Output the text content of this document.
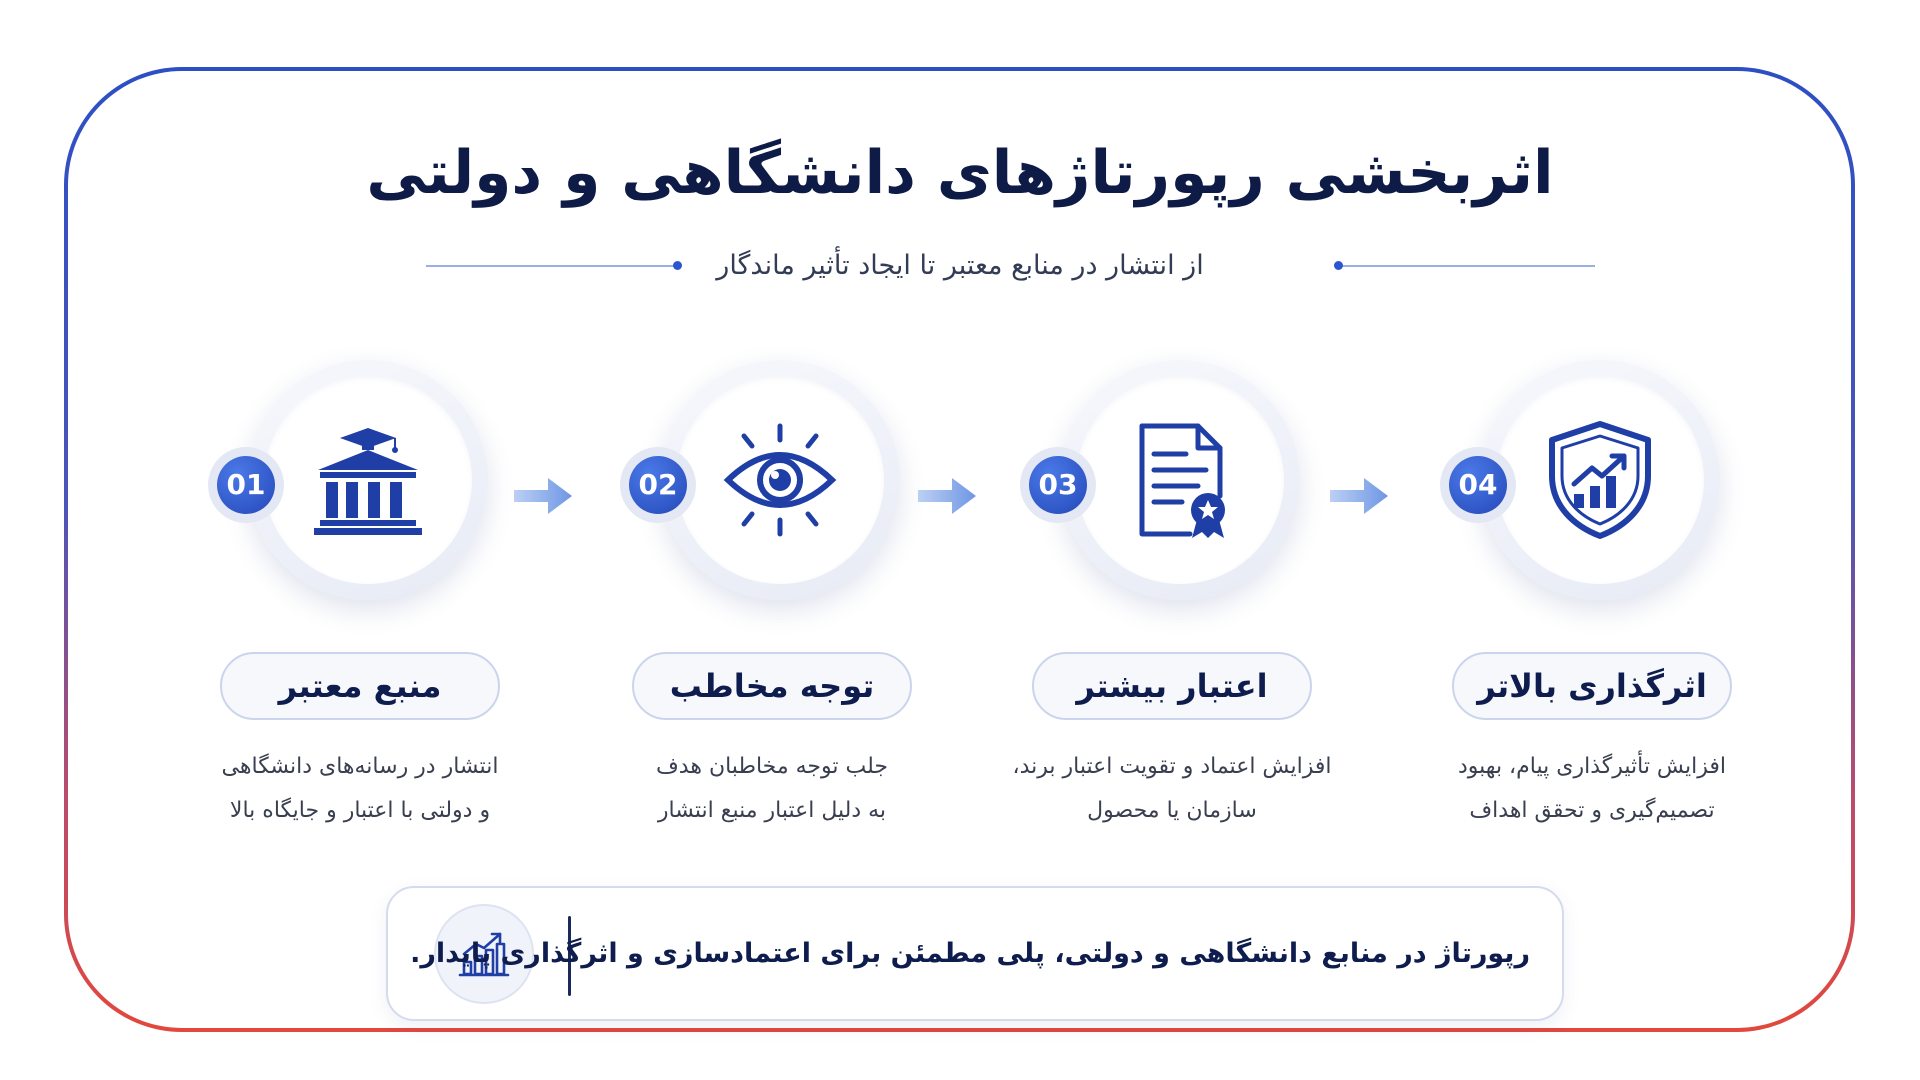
اثربخشی رپورتاژهای دانشگاهی و دولتی
از انتشار در منابع معتبر تا ایجاد تأثیر ماندگار
01
منبع معتبر
انتشار در رسانه‌های دانشگاهی
و دولتی با اعتبار و جایگاه بالا
02
توجه مخاطب
جلب توجه مخاطبان هدف
به دلیل اعتبار منبع انتشار
03
اعتبار بیشتر
افزایش اعتماد و تقویت اعتبار برند،
سازمان یا محصول
04
اثرگذاری بالاتر
افزایش تأثیرگذاری پیام، بهبود
تصمیم‌گیری و تحقق اهداف
رپورتاژ در منابع دانشگاهی و دولتی، پلی مطمئن برای اعتمادسازی و اثرگذاری پایدار.
